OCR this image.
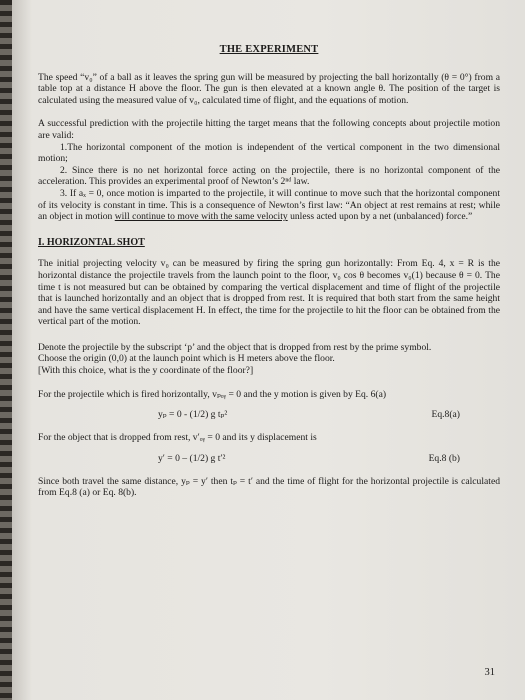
THE EXPERIMENT

The speed “v₀” of a ball as it leaves the spring gun will be measured by projecting the ball horizontally (θ = 0°) from a table top at a distance H above the floor. The gun is then elevated at a known angle θ. The position of the target is calculated using the measured value of v₀, calculated time of flight, and the equations of motion.

A successful prediction with the projectile hitting the target means that the following concepts about projectile motion are valid:

1.The horizontal component of the motion is independent of the vertical component in the two dimensional motion;

2. Since there is no net horizontal force acting on the projectile, there is no horizontal component of the acceleration. This provides an experimental proof of Newton’s 2ⁿᵈ law.

3. If aₓ = 0, once motion is imparted to the projectile, it will continue to move such that the horizontal component of its velocity is constant in time. This is a consequence of Newton’s first law: “An object at rest remains at rest; while an object in motion will continue to move with the same velocity unless acted upon by a net (unbalanced) force.”

I. HORIZONTAL SHOT

The initial projecting velocity v₀ can be measured by firing the spring gun horizontally: From Eq. 4, x = R is the horizontal distance the projectile travels from the launch point to the floor, v₀ cos θ becomes v₀(1) because θ = 0. The time t is not measured but can be obtained by comparing the vertical displacement and time of flight of the projectile that is launched horizontally and an object that is dropped from rest. It is required that both start from the same height and have the same vertical displacement H. In effect, the time for the projectile to hit the floor can be obtained from the vertical part of the motion.

Denote the projectile by the subscript ‘p’ and the object that is dropped from rest by the prime symbol.

Choose the origin (0,0) at the launch point which is H meters above the floor.

[With this choice, what is the y coordinate of the floor?]

For the projectile which is fired horizontally, vₚₒᵧ = 0 and the y motion is given by Eq. 6(a)

yₚ = 0 - (1/2) g tₚ²	Eq.8(a)

For the object that is dropped from rest, v′ₒᵧ = 0 and its y displacement is

y′ = 0 – (1/2) g t′²	Eq.8 (b)

Since both travel the same distance, yₚ = y′ then tₚ = t′ and the time of flight for the horizontal projectile is calculated from Eq.8 (a) or Eq. 8(b).

31
